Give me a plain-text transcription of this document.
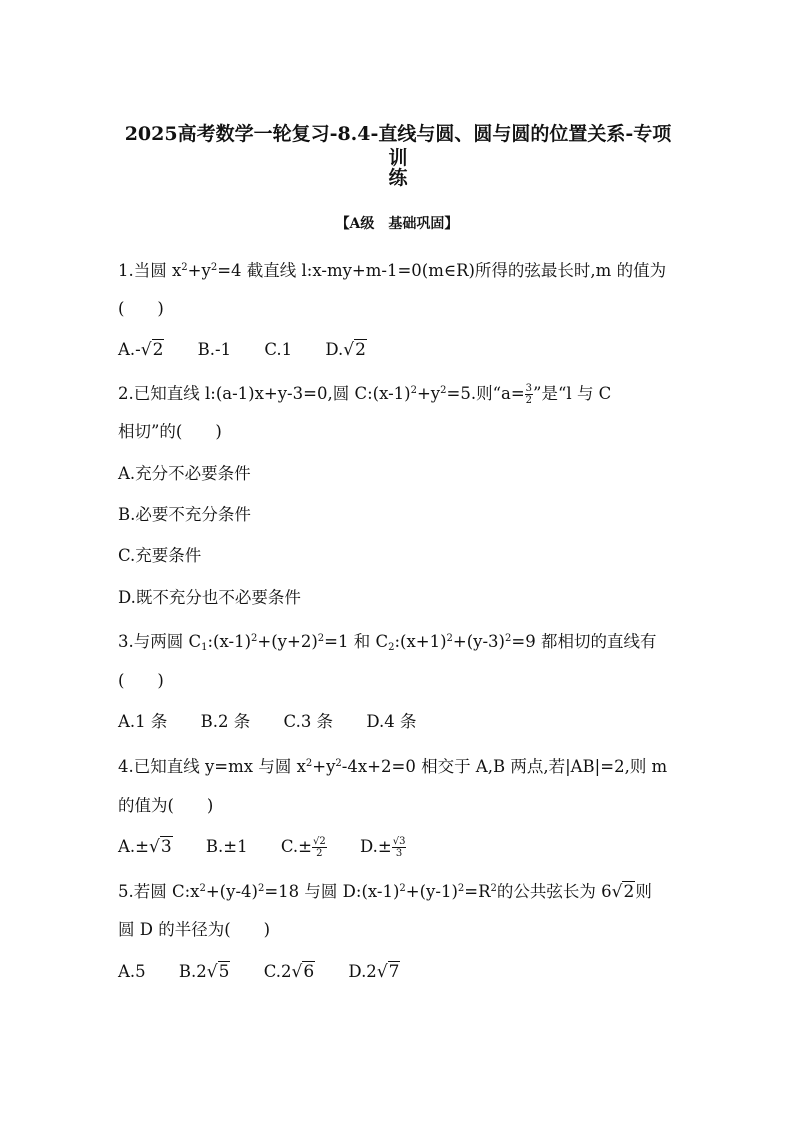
2025高考数学一轮复习-8.4-直线与圆、圆与圆的位置关系-专项训
练
【A级　基础巩固】
1.当圆 $x^2+y^2=4$ 截直线 l:x-my+m-1=0(m∈R)所得的弦最长时,m 的值为
(　　)
A.-√2 B.-1 C.1 D.√2
2.已知直线 l:(a-1)x+y-3=0,圆 $C:(x-1)^2+y^2=5$.则“$a= \frac{3}{2}$ ”是“l 与 C
相切”的(　　)
A.充分不必要条件
B.必要不充分条件
C.充要条件
D.既不充分也不必要条件
3.与两圆 $C_1:(x-1)^2+(y+2)^2=1$ 和 $C_2:(x+1)^2+(y-3)^2=9$ 都相切的直线有
(　　)
A.1 条 B.2 条 C.3 条 D.4 条
4.已知直线 y=mx 与圆 $x^2+y^2-4x+2=0$ 相交于 A,B 两点,若|AB|=2,则 m
的值为(　　)
A.±√3 B.±1 $C.\pm \frac{√2}{2} D.\pm \frac{√3}{3}$
5.若圆 $C:x^2+(y-4)^2=18$ 与圆 $D:(x-1)^2+(y-1)^2=R^2$的公共弦长为 6√2则
圆 D 的半径为(　　)
A.5 B.2√5 C.2√6 D.2√7
